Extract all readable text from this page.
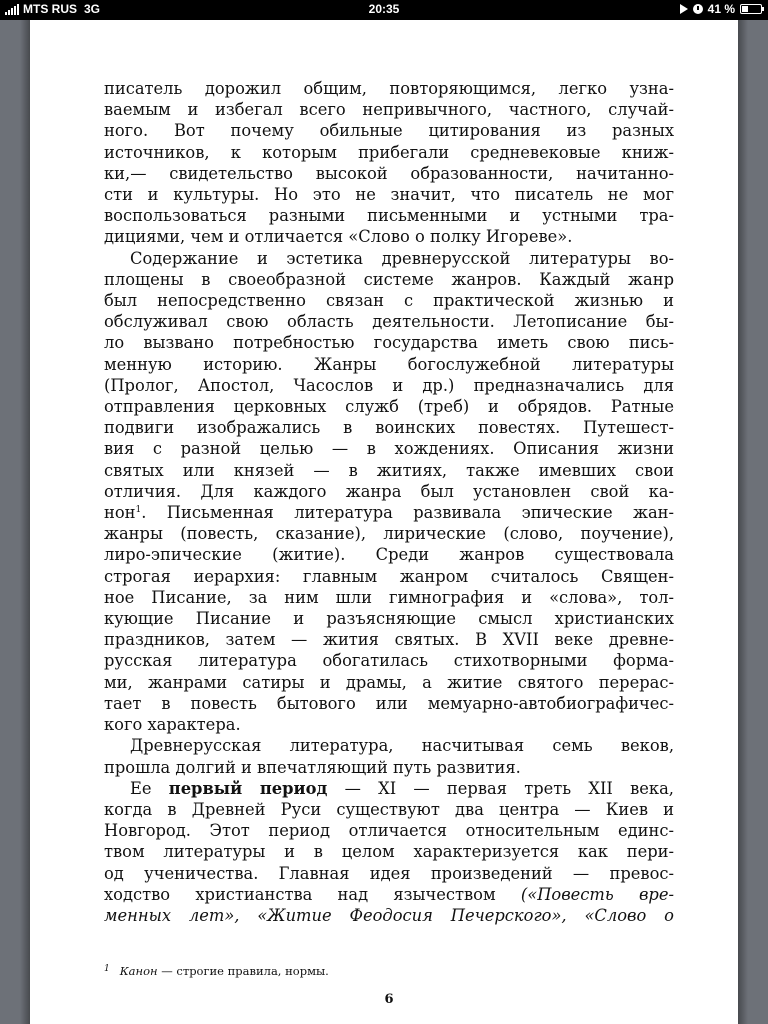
MTS RUS 3G	20:35	41 %

писатель дорожил общим, повторяющимся, легко узна-
ваемым и избегал всего непривычного, частного, случай-
ного. Вот почему обильные цитирования из разных
источников, к которым прибегали средневековые книж-
ки,— свидетельство высокой образованности, начитанно-
сти и культуры. Но это не значит, что писатель не мог
воспользоваться разными письменными и устными тра-
дициями, чем и отличается «Слово о полку Игореве».

Содержание и эстетика древнерусской литературы во-
площены в своеобразной системе жанров. Каждый жанр
был непосредственно связан с практической жизнью и
обслуживал свою область деятельности. Летописание бы-
ло вызвано потребностью государства иметь свою пись-
менную историю. Жанры богослужебной литературы
(Пролог, Апостол, Часослов и др.) предназначались для
отправления церковных служб (треб) и обрядов. Ратные
подвиги изображались в воинских повестях. Путешест-
вия с разной целью — в хождениях. Описания жизни
святых или князей — в житиях, также имевших свои
отличия. Для каждого жанра был установлен свой ка-
нон$^1$. Письменная литература развивала эпические жан-
жанры (повесть, сказание), лирические (слово, поучение),
лиро-эпические (житие). Среди жанров существовала
строгая иерархия: главным жанром считалось Священ-
ное Писание, за ним шли гимнография и «слова», тол-
кующие Писание и разъясняющие смысл христианских
праздников, затем — жития святых. В XVII веке древне-
русская литература обогатилась стихотворными форма-
ми, жанрами сатиры и драмы, а житие святого перерас-
тает в повесть бытового или мемуарно-автобиографичес-
кого характера.

Древнерусская литература, насчитывая семь веков,
прошла долгий и впечатляющий путь развития.

Ее первый период — XI — первая треть XII века,
когда в Древней Руси существуют два центра — Киев и
Новгород. Этот период отличается относительным единс-
твом литературы и в целом характеризуется как пери-
од ученичества. Главная идея произведений — превос-
ходство христианства над язычеством («Повесть вре-
менных лет», «Житие Феодосия Печерского», «Слово о

$^1$ Канон — строгие правила, нормы.
6
